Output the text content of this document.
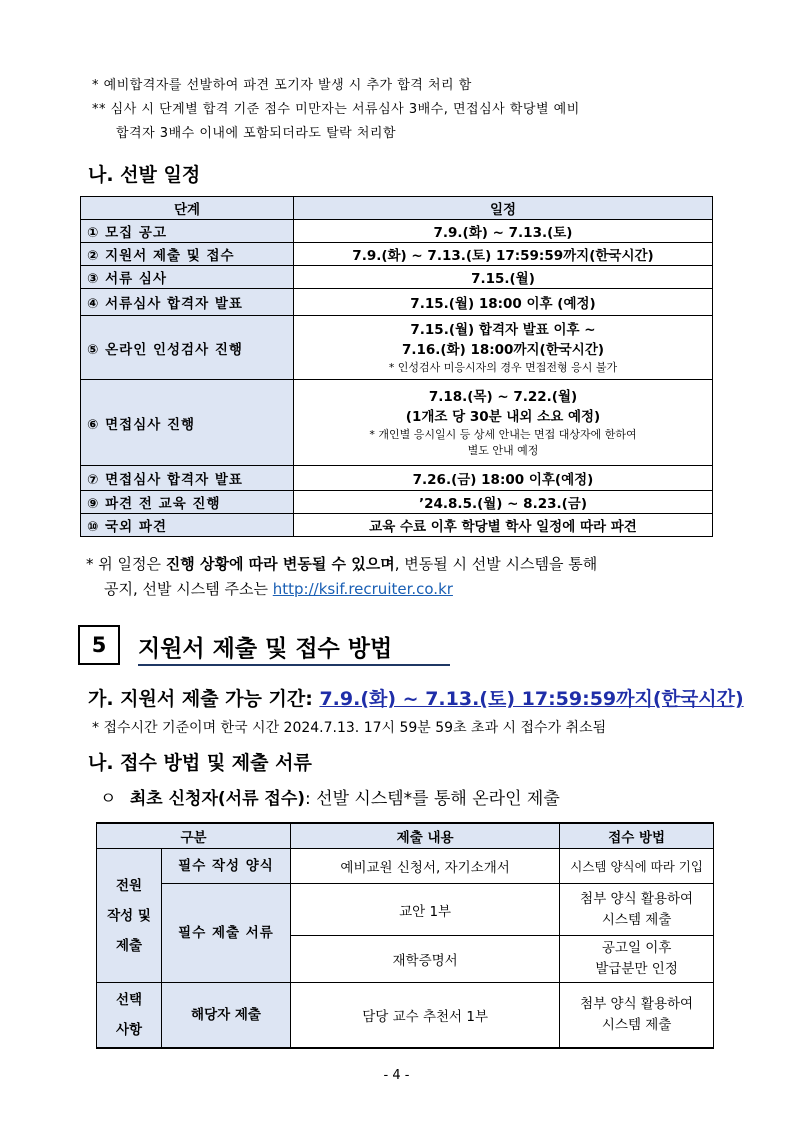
* 예비합격자를 선발하여 파견 포기자 발생 시 추가 합격 처리 함
** 심사 시 단계별 합격 기준 점수 미만자는 서류심사 3배수, 면접심사 학당별 예비
합격자 3배수 이내에 포함되더라도 탈락 처리함
나. 선발 일정
단계	일정
① 모집 공고	7.9.(화) ~ 7.13.(토)
② 지원서 제출 및 접수	7.9.(화) ~ 7.13.(토) 17:59:59까지(한국시간)
③ 서류 심사	7.15.(월)
④ 서류심사 합격자 발표	7.15.(월) 18:00 이후 (예정)
⑤ 온라인 인성검사 진행	7.15.(월) 합격자 발표 이후 ~
7.16.(화) 18:00까지(한국시간)
* 인성검사 미응시자의 경우 면접전형 응시 불가

⑥ 면접심사 진행	7.18.(목) ~ 7.22.(월)
(1개조 당 30분 내외 소요 예정)
* 개인별 응시일시 등 상세 안내는 면접 대상자에 한하여
별도 안내 예정

⑦ 면접심사 합격자 발표	7.26.(금) 18:00 이후(예정)
⑨ 파견 전 교육 진행	’24.8.5.(월) ~ 8.23.(금)
⑩ 국외 파견	교육 수료 이후 학당별 학사 일정에 따라 파견
* 위 일정은 진행 상황에 따라 변동될 수 있으며, 변동될 시 선발 시스템을 통해
공지, 선발 시스템 주소는 http://ksif.recruiter.co.kr
5	지원서 제출 및 접수 방법
가. 지원서 제출 가능 기간: 7.9.(화) ~ 7.13.(토) 17:59:59까지(한국시간)
* 접수시간 기준이며 한국 시간 2024.7.13. 17시 59분 59초 초과 시 접수가 취소됨
나. 접수 방법 및 제출 서류
ㅇ 최초 신청자(서류 접수): 선발 시스템*를 통해 온라인 제출
구분		제출 내용	접수 방법

전원
작성 및
제출	필수 작성 양식	예비교원 신청서, 자기소개서	시스템 양식에 따라 기입
	필수 제출 서류	교안 1부	첨부 양식 활용하여
시스템 제출

		재학증명서	공고일 이후
발급분만 인정

선택
사항	해당자 제출	담당 교수 추천서 1부	첨부 양식 활용하여
시스템 제출
- 4 -
